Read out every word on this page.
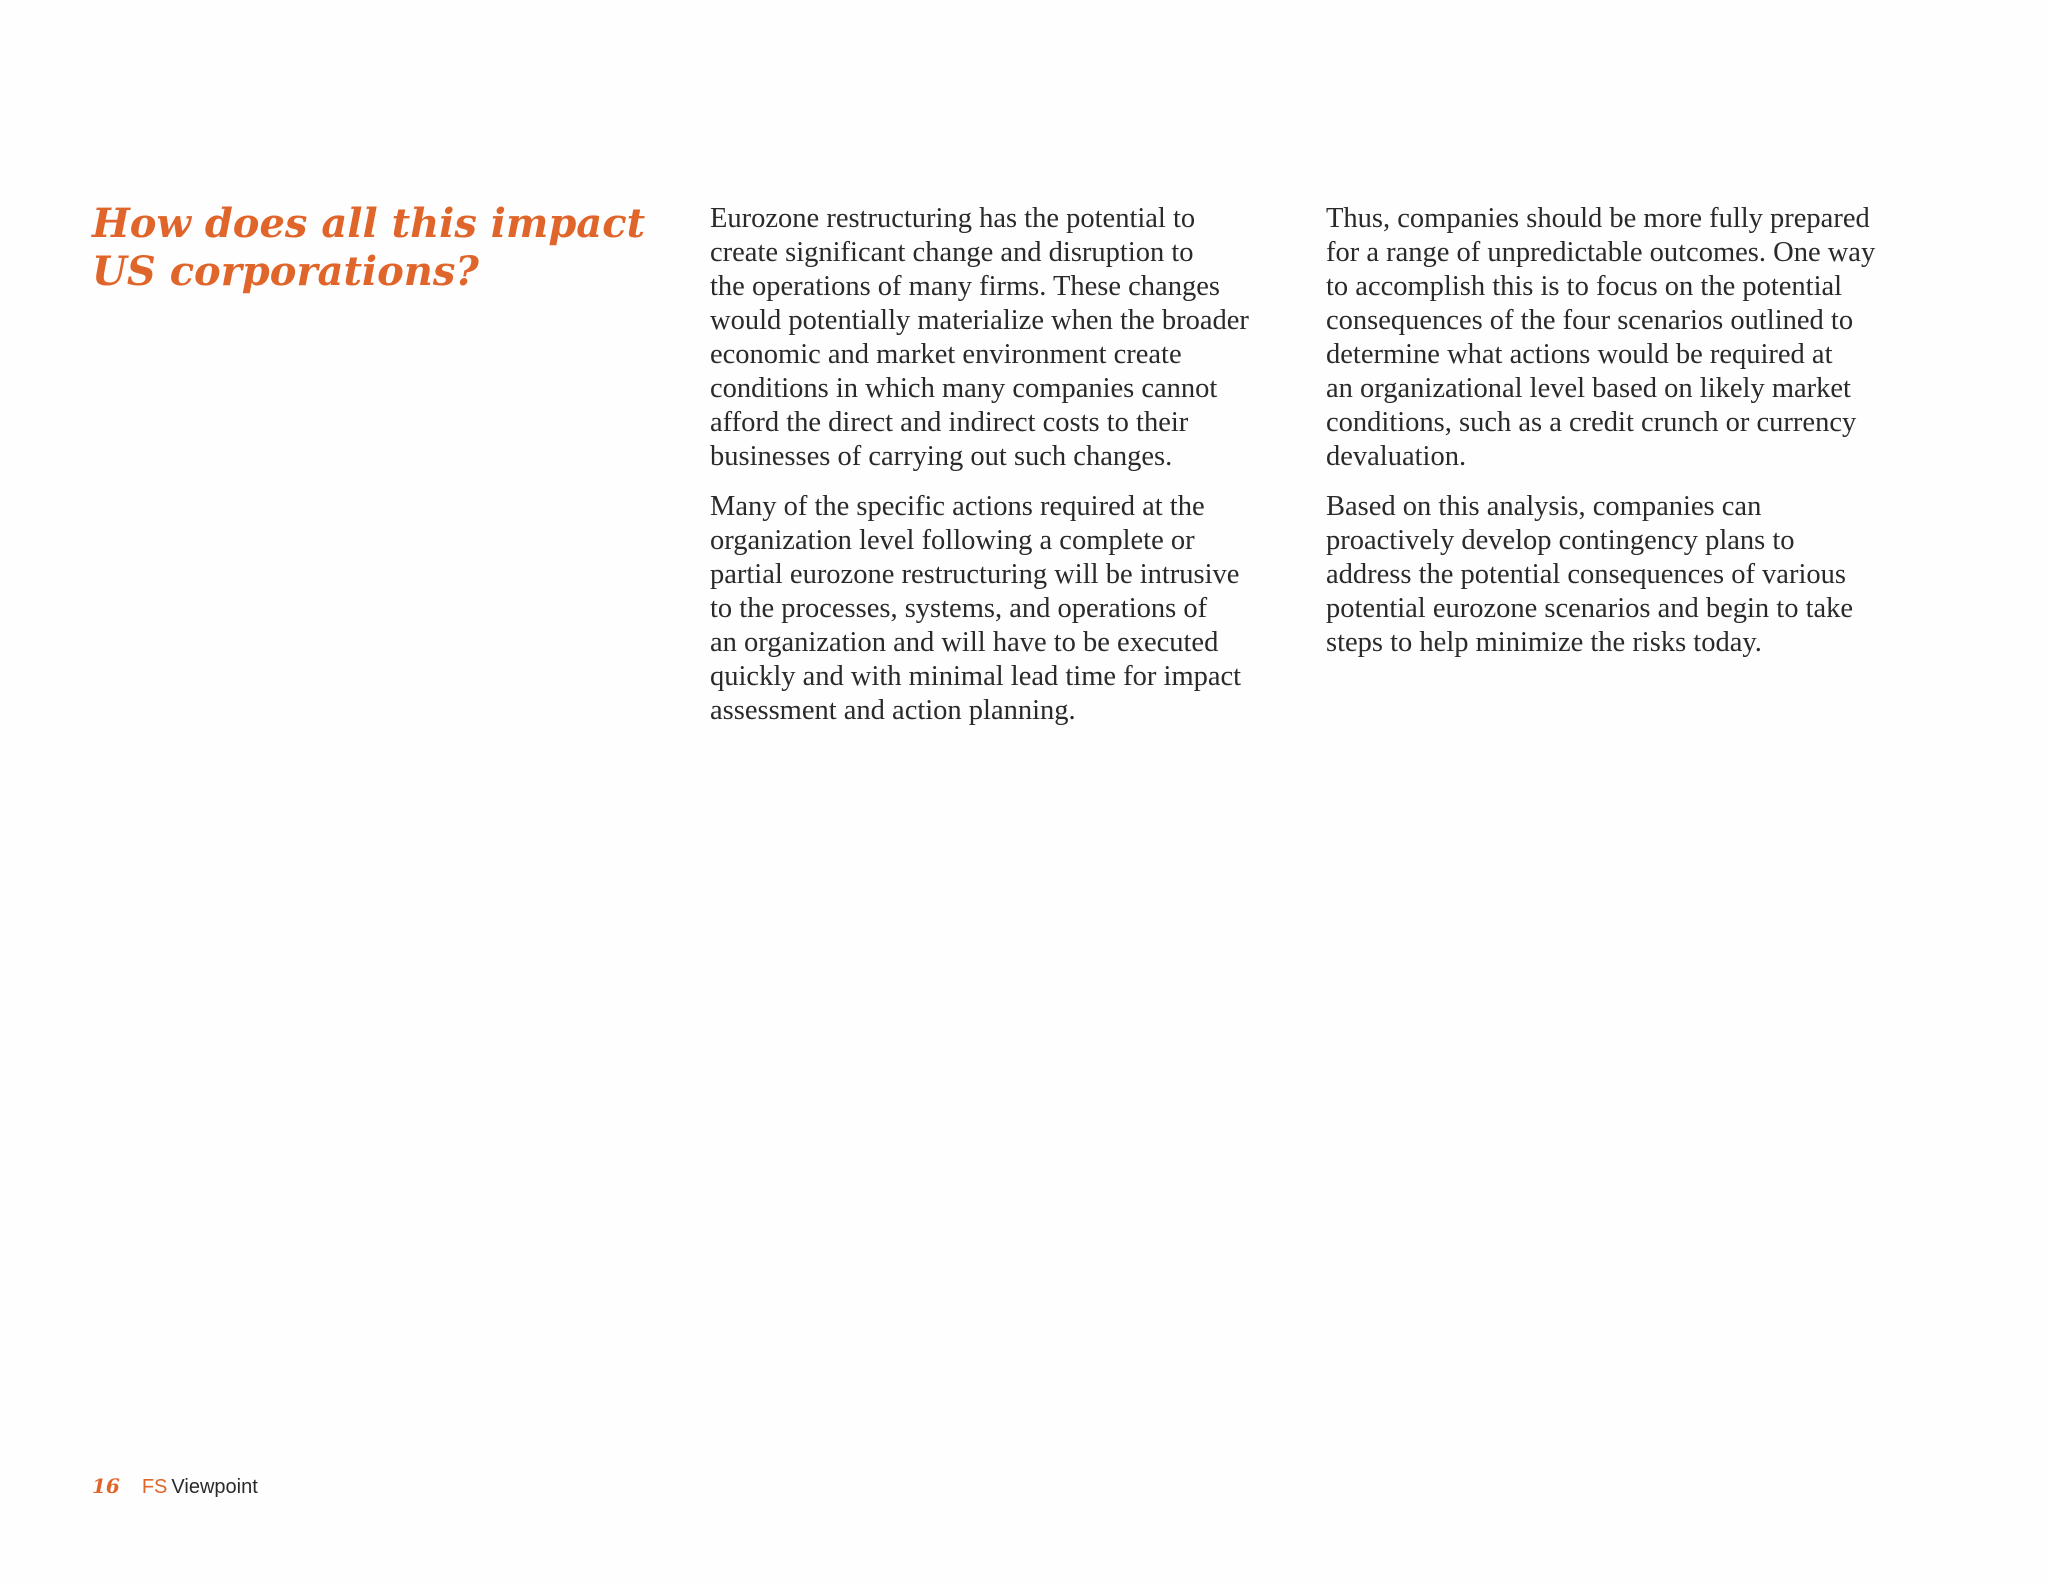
How does all this impact
US corporations?

Eurozone restructuring has the potential to
create significant change and disruption to
the operations of many firms. These changes
would potentially materialize when the broader
economic and market environment create
conditions in which many companies cannot
afford the direct and indirect costs to their
businesses of carrying out such changes.

Many of the specific actions required at the
organization level following a complete or
partial eurozone restructuring will be intrusive
to the processes, systems, and operations of
an organization and will have to be executed
quickly and with minimal lead time for impact
assessment and action planning.

Thus, companies should be more fully prepared
for a range of unpredictable outcomes. One way
to accomplish this is to focus on the potential
consequences of the four scenarios outlined to
determine what actions would be required at
an organizational level based on likely market
conditions, such as a credit crunch or currency
devaluation.

Based on this analysis, companies can
proactively develop contingency plans to
address the potential consequences of various
potential eurozone scenarios and begin to take
steps to help minimize the risks today.

16 FS Viewpoint
